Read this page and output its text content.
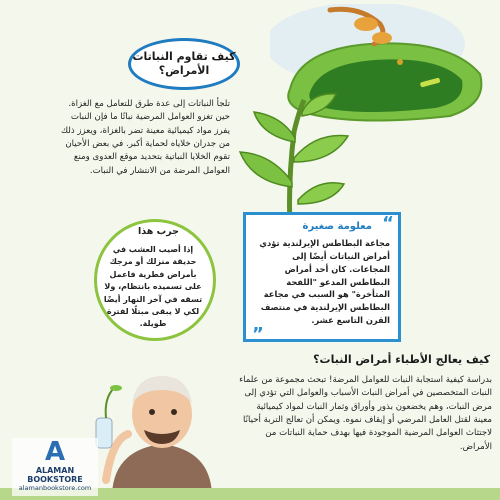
كيف تقاوم النباتات الأمراض؟
تلجأ النباتات إلى عدة طرق للتعامل مع الغزاة. حين تغزو العوامل المرضية نباتًا ما فإن النبات يفرز مواد كيميائية معينة تضر بالغزاة، ويعزز ذلك من جدران خلاياه لحماية أكبر. في بعض الأحيان تقوم الخلايا النباتية بتحديد موقع العدوى ومنع العوامل المرضة من الانتشار في النبات.
“
معلومة صغيرة
مجاعة البطاطس الإيرلندية تؤدي أمراض النباتات أيضًا إلى المجاعات. كان أحد أمراض البطاطس المدعو "اللفحة المتأخرة" هو السبب في مجاعة البطاطس الإيرلندية في منتصف القرن التاسع عشر.
”
جرب هذا
إذا أصيب العشب في حديقة منزلك أو مرجك بأمراض فطرية فاعمل على تسميده بانتظام، ولا تسقه في آخر النهار أيضًا لكي لا يبقى مبتلًا لفترة طويلة.
كيف يعالج الأطباء أمراض النبات؟
بدراسة كيفية استجابة النبات للعوامل المرضة! تبحث مجموعة من علماء النبات المتخصصين في أمراض النبات الأسباب والعوامل التي تؤدي إلى مرض النبات، وهم يخضعون بذور وأوراق وثمار النبات لمواد كيميائية معينة لقتل العامل المرضي أو إيقاف نموه. ويمكن أن تعالج التربة أحيانًا لاجتثاث العوامل المرضية الموجودة فيها بهدف حماية النباتات من الأمراض.
A
ALAMAN BOOKSTORE
alamanbookstore.com
